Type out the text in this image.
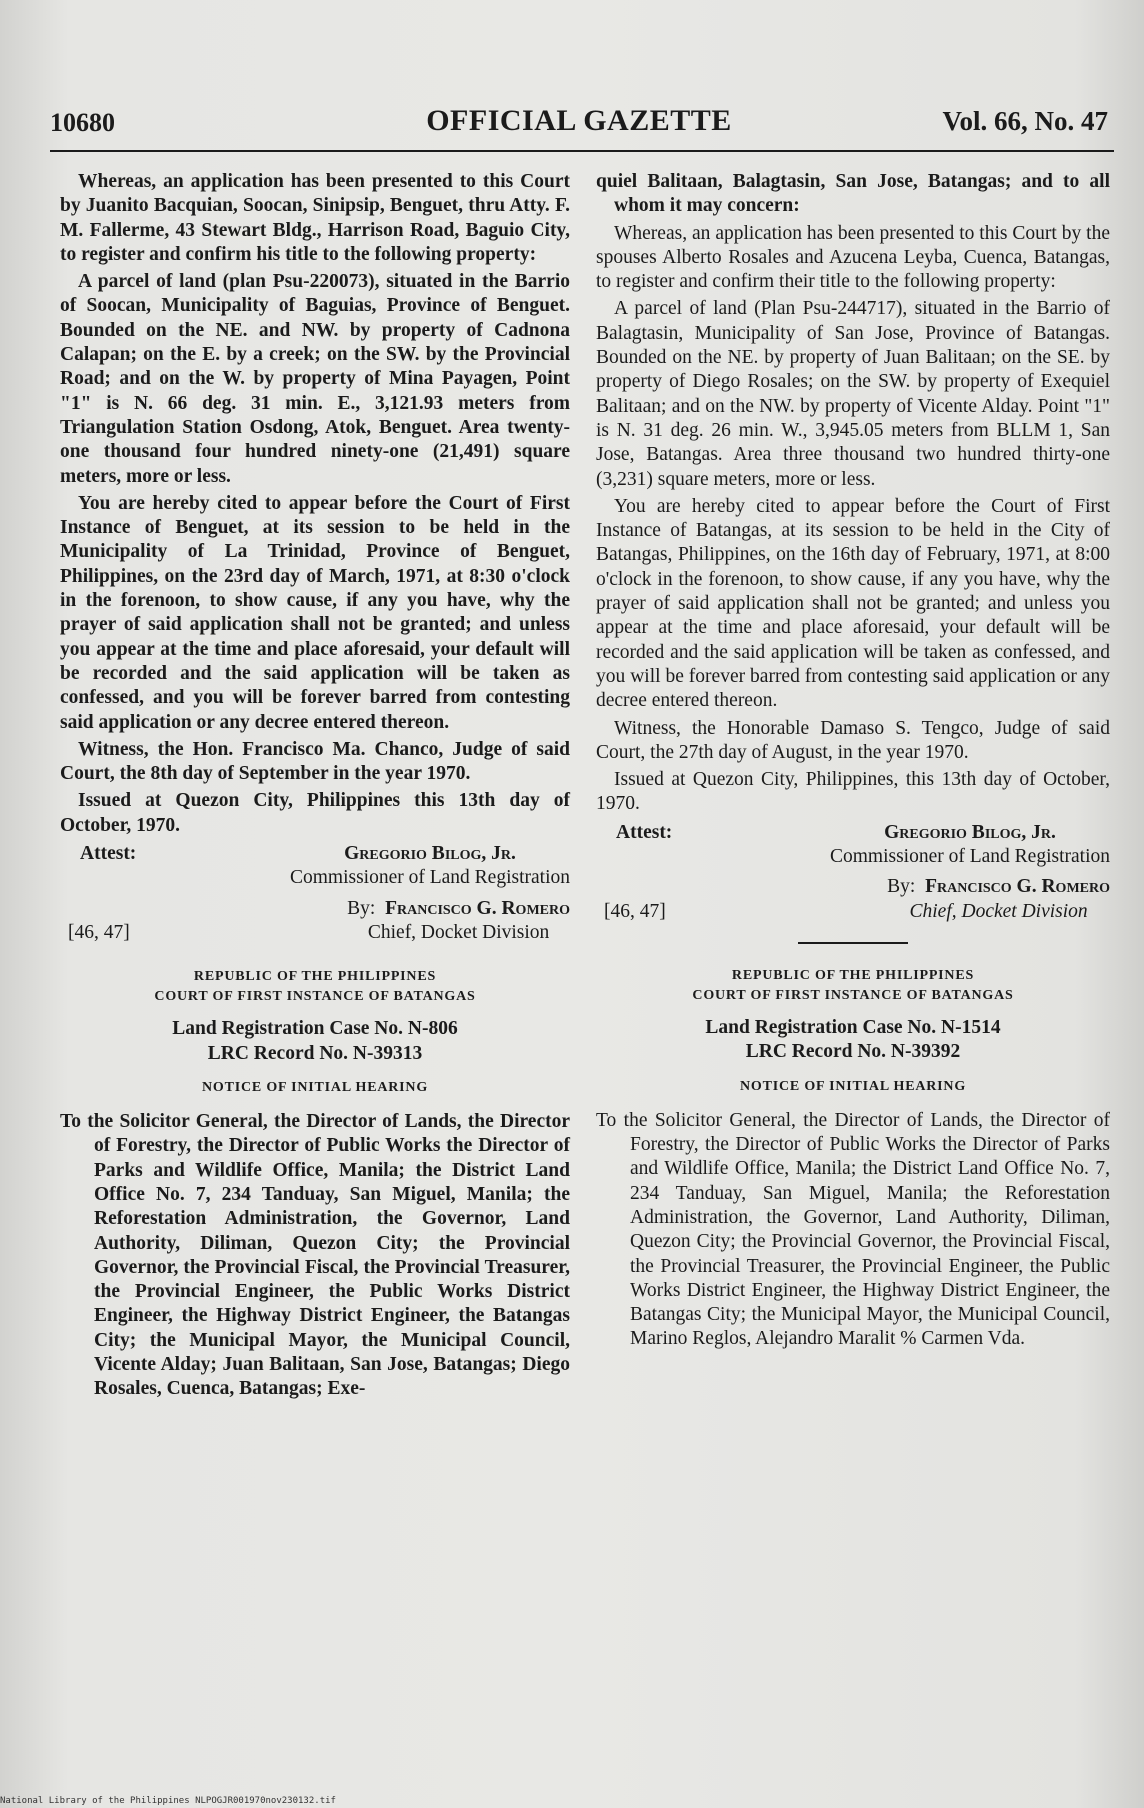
10680	OFFICIAL GAZETTE	Vol. 66, No. 47

Whereas, an application has been presented to this Court by Juanito Bacquian, Soocan, Sinipsip, Benguet, thru Atty. F. M. Fallerme, 43 Stewart Bldg., Harrison Road, Baguio City, to register and confirm his title to the following property:

A parcel of land (plan Psu-220073), situated in the Barrio of Soocan, Municipality of Baguias, Province of Benguet. Bounded on the NE. and NW. by property of Cadnona Calapan; on the E. by a creek; on the SW. by the Provincial Road; and on the W. by property of Mina Payagen, Point "1" is N. 66 deg. 31 min. E., 3,121.93 meters from Triangulation Station Osdong, Atok, Benguet. Area twenty-one thousand four hundred ninety-one (21,491) square meters, more or less.

You are hereby cited to appear before the Court of First Instance of Benguet, at its session to be held in the Municipality of La Trinidad, Province of Benguet, Philippines, on the 23rd day of March, 1971, at 8:30 o'clock in the forenoon, to show cause, if any you have, why the prayer of said application shall not be granted; and unless you appear at the time and place aforesaid, your default will be recorded and the said application will be taken as confessed, and you will be forever barred from contesting said application or any decree entered thereon.

Witness, the Hon. Francisco Ma. Chanco, Judge of said Court, the 8th day of September in the year 1970.

Issued at Quezon City, Philippines this 13th day of October, 1970.

Attest:	Gregorio Bilog, Jr.
Commissioner of Land Registration
[46, 47]
By: Francisco G. Romero
Chief, Docket Division
REPUBLIC OF THE PHILIPPINES
COURT OF FIRST INSTANCE OF BATANGAS
Land Registration Case No. N-806
LRC Record No. N-39313
NOTICE OF INITIAL HEARING
To the Solicitor General, the Director of Lands, the Director of Forestry, the Director of Public Works the Director of Parks and Wildlife Office, Manila; the District Land Office No. 7, 234 Tanduay, San Miguel, Manila; the Reforestation Administration, the Governor, Land Authority, Diliman, Quezon City; the Provincial Governor, the Provincial Fiscal, the Provincial Treasurer, the Provincial Engineer, the Public Works District Engineer, the Highway District Engineer, the Batangas City; the Municipal Mayor, the Municipal Council, Vicente Alday; Juan Balitaan, San Jose, Batangas; Diego Rosales, Cuenca, Batangas; Exe-

quiel Balitaan, Balagtasin, San Jose, Batangas; and to all whom it may concern:

Whereas, an application has been presented to this Court by the spouses Alberto Rosales and Azucena Leyba, Cuenca, Batangas, to register and confirm their title to the following property:

A parcel of land (Plan Psu-244717), situated in the Barrio of Balagtasin, Municipality of San Jose, Province of Batangas. Bounded on the NE. by property of Juan Balitaan; on the SE. by property of Diego Rosales; on the SW. by property of Exequiel Balitaan; and on the NW. by property of Vicente Alday. Point "1" is N. 31 deg. 26 min. W., 3,945.05 meters from BLLM 1, San Jose, Batangas. Area three thousand two hundred thirty-one (3,231) square meters, more or less.

You are hereby cited to appear before the Court of First Instance of Batangas, at its session to be held in the City of Batangas, Philippines, on the 16th day of February, 1971, at 8:00 o'clock in the forenoon, to show cause, if any you have, why the prayer of said application shall not be granted; and unless you appear at the time and place aforesaid, your default will be recorded and the said application will be taken as confessed, and you will be forever barred from contesting said application or any decree entered thereon.

Witness, the Honorable Damaso S. Tengco, Judge of said Court, the 27th day of August, in the year 1970.

Issued at Quezon City, Philippines, this 13th day of October, 1970.

Attest:	Gregorio Bilog, Jr.
Commissioner of Land Registration
[46, 47]
By: Francisco G. Romero
Chief, Docket Division
REPUBLIC OF THE PHILIPPINES
COURT OF FIRST INSTANCE OF BATANGAS
Land Registration Case No. N-1514
LRC Record No. N-39392
NOTICE OF INITIAL HEARING
To the Solicitor General, the Director of Lands, the Director of Forestry, the Director of Public Works the Director of Parks and Wildlife Office, Manila; the District Land Office No. 7, 234 Tanduay, San Miguel, Manila; the Reforestation Administration, the Governor, Land Authority, Diliman, Quezon City; the Provincial Governor, the Provincial Fiscal, the Provincial Treasurer, the Provincial Engineer, the Public Works District Engineer, the Highway District Engineer, the Batangas City; the Municipal Mayor, the Municipal Council, Marino Reglos, Alejandro Maralit % Carmen Vda.
National Library of the Philippines NLPOGJR001970nov230132.tif
